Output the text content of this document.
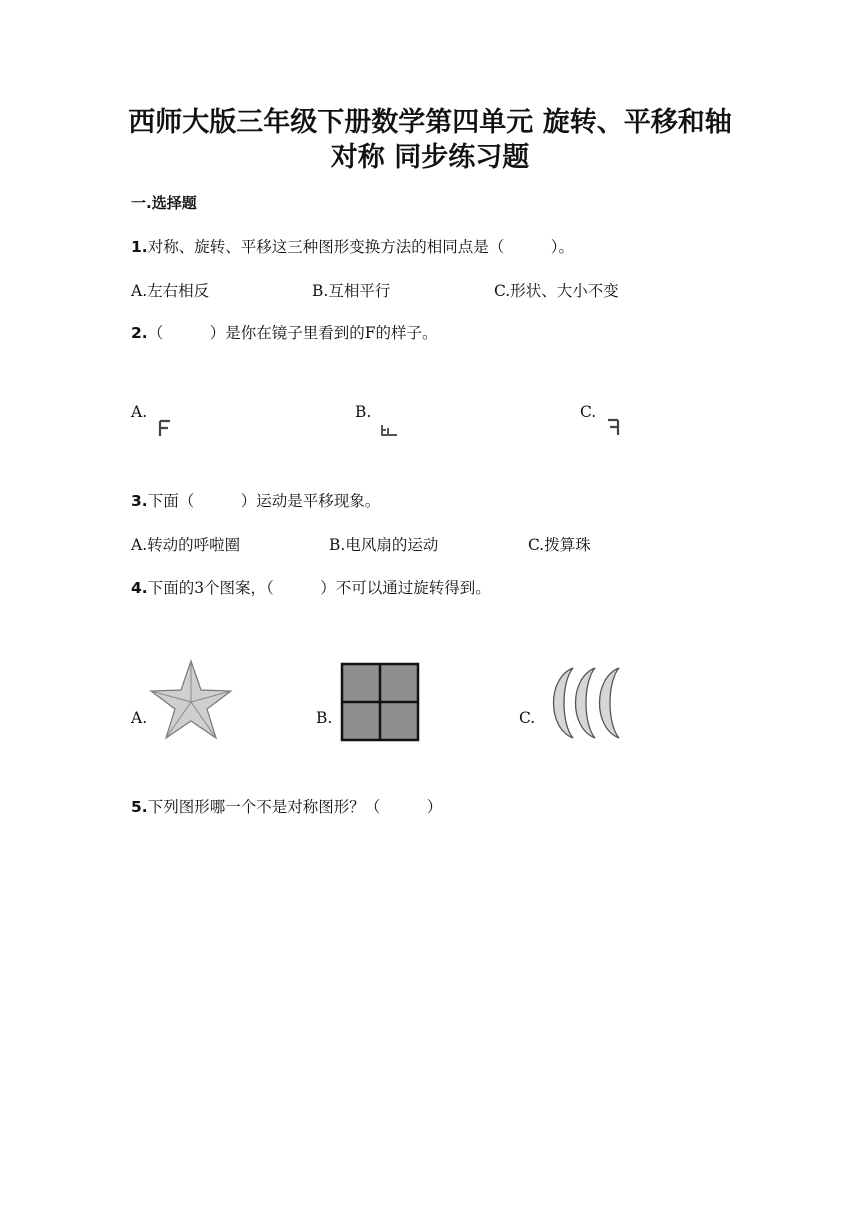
西师大版三年级下册数学第四单元 旋转、平移和轴
对称 同步练习题
一.选择题
1.对称、旋转、平移这三种图形变换方法的相同点是（　　　）。
A.左右相反	B.互相平行	C.形状、大小不变
2.（　　　）是你在镜子里看到的F的样子。
A.	B.	C.
3.下面（　　　）运动是平移现象。
A.转动的呼啦圈	B.电风扇的运动	C.拨算珠
4.下面的3个图案，（　　　）不可以通过旋转得到。
A.	B.	C.
5.下列图形哪一个不是对称图形？（　　　）
